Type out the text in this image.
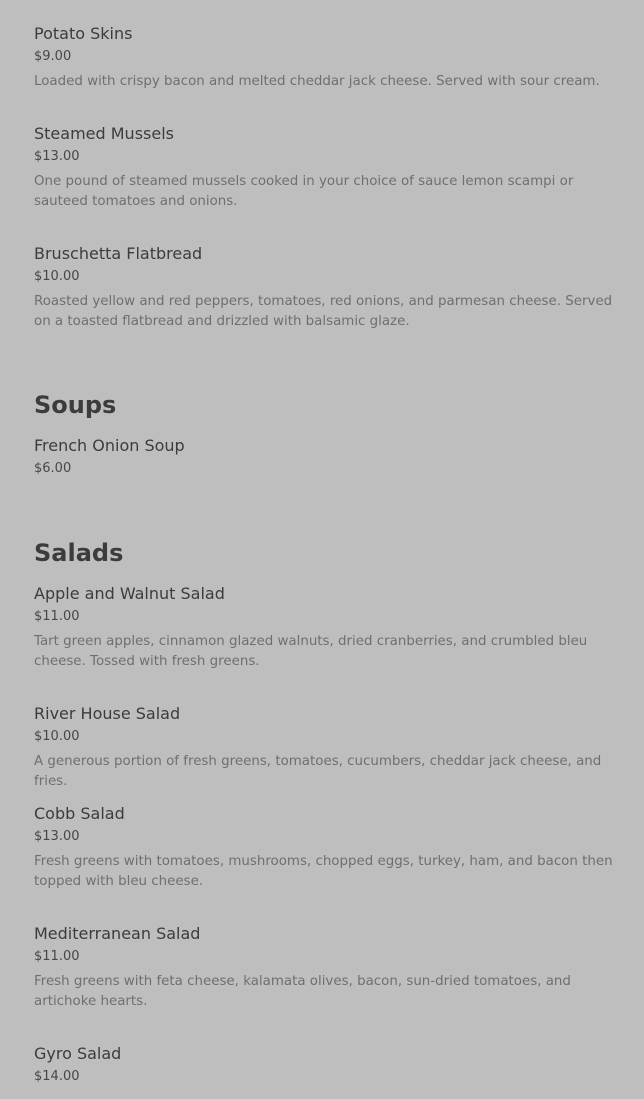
Potato Skins
$9.00
Loaded with crispy bacon and melted cheddar jack cheese. Served with sour cream.
Steamed Mussels
$13.00
One pound of steamed mussels cooked in your choice of sauce lemon scampi or sauteed tomatoes and onions.
Bruschetta Flatbread
$10.00
Roasted yellow and red peppers, tomatoes, red onions, and parmesan cheese. Served on a toasted flatbread and drizzled with balsamic glaze.
Soups
French Onion Soup
$6.00
Salads
Apple and Walnut Salad
$11.00
Tart green apples, cinnamon glazed walnuts, dried cranberries, and crumbled bleu cheese. Tossed with fresh greens.
River House Salad
$10.00
A generous portion of fresh greens, tomatoes, cucumbers, cheddar jack cheese, and fries.
Cobb Salad
$13.00
Fresh greens with tomatoes, mushrooms, chopped eggs, turkey, ham, and bacon then topped with bleu cheese.
Mediterranean Salad
$11.00
Fresh greens with feta cheese, kalamata olives, bacon, sun-dried tomatoes, and artichoke hearts.
Gyro Salad
$14.00
